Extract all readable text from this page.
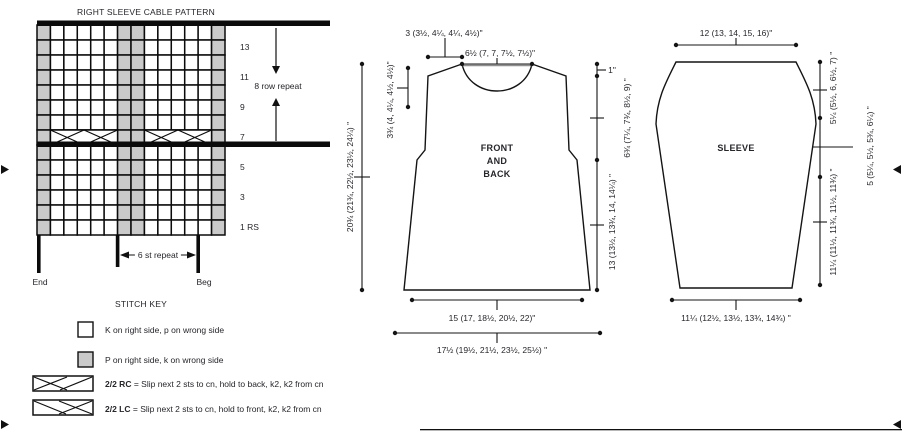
RIGHT SLEEVE CABLE PATTERN
13
11
9
7
5
3
1 RS
8 row repeat
6 st repeat
End	Beg
STITCH KEY
K on right side, p on wrong side
P on right side, k on wrong side
2/2 RC = Slip next 2 sts to cn, hold to back, k2, k2 from cn
2/2 LC = Slip next 2 sts to cn, hold to front, k2, k2 from cn
3 (3½, 4¼, 4¼, 4½)"
6½ (7, 7, 7½, 7½)"
20¾ (21¾, 22½, 23½, 24¼) "
3¾ (4, 4¼, 4½, 4½)"	1"
6¾ (7¼, 7¾, 8½, 9) "
13 (13½, 13¾, 14, 14¼) "
15 (17, 18½, 20½, 22)"
17½ (19½, 21½, 23½, 25½) "
FRONT
AND
BACK
12 (13, 14, 15, 16)"
SLEEVE
5¼ (5½, 6, 6½, 7) "
5 (5¼, 5½, 5¾, 6¼) "
11¼ (11½, 11¾, 11½, 11¾) "
11¼ (12½, 13½, 13¾, 14¾) "
